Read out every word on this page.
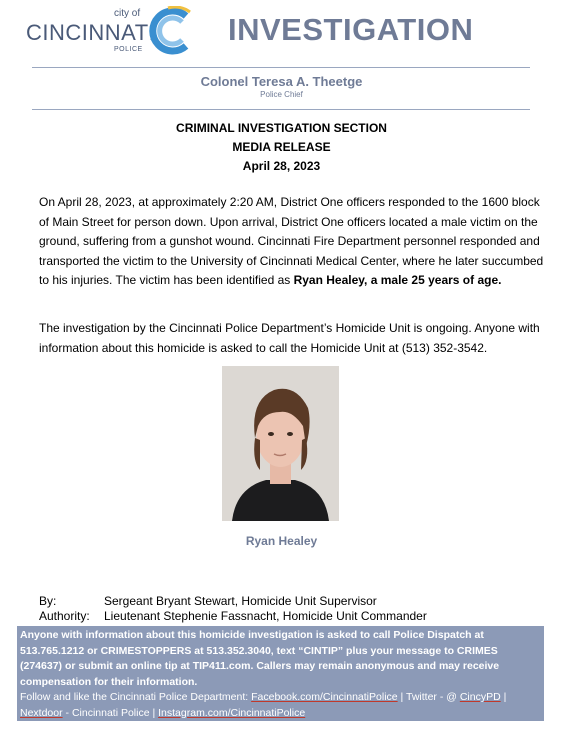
city of
CINCINNATI
POLICE
INVESTIGATION
Colonel Teresa A. Theetge
Police Chief
CRIMINAL INVESTIGATION SECTION
MEDIA RELEASE
April 28, 2023
On April 28, 2023, at approximately 2:20 AM, District One officers responded to the 1600 block of Main Street for person down. Upon arrival, District One officers located a male victim on the ground, suffering from a gunshot wound. Cincinnati Fire Department personnel responded and transported the victim to the University of Cincinnati Medical Center, where he later succumbed to his injuries. The victim has been identified as Ryan Healey, a male 25 years of age.
The investigation by the Cincinnati Police Department’s Homicide Unit is ongoing. Anyone with information about this homicide is asked to call the Homicide Unit at (513) 352-3542.
Ryan Healey
By:	Sergeant Bryant Stewart, Homicide Unit Supervisor
Authority: Lieutenant Stephenie Fassnacht, Homicide Unit Commander
Anyone with information about this homicide investigation is asked to call Police Dispatch at 513.765.1212 or CRIMESTOPPERS at 513.352.3040, text “CINTIP” plus your message to CRIMES (274637) or submit an online tip at TIP411.com. Callers may remain anonymous and may receive compensation for their information.
Follow and like the Cincinnati Police Department: Facebook.com/CincinnatiPolice | Twitter - @ CincyPD | Nextdoor - Cincinnati Police | Instagram.com/CincinnatiPolice
